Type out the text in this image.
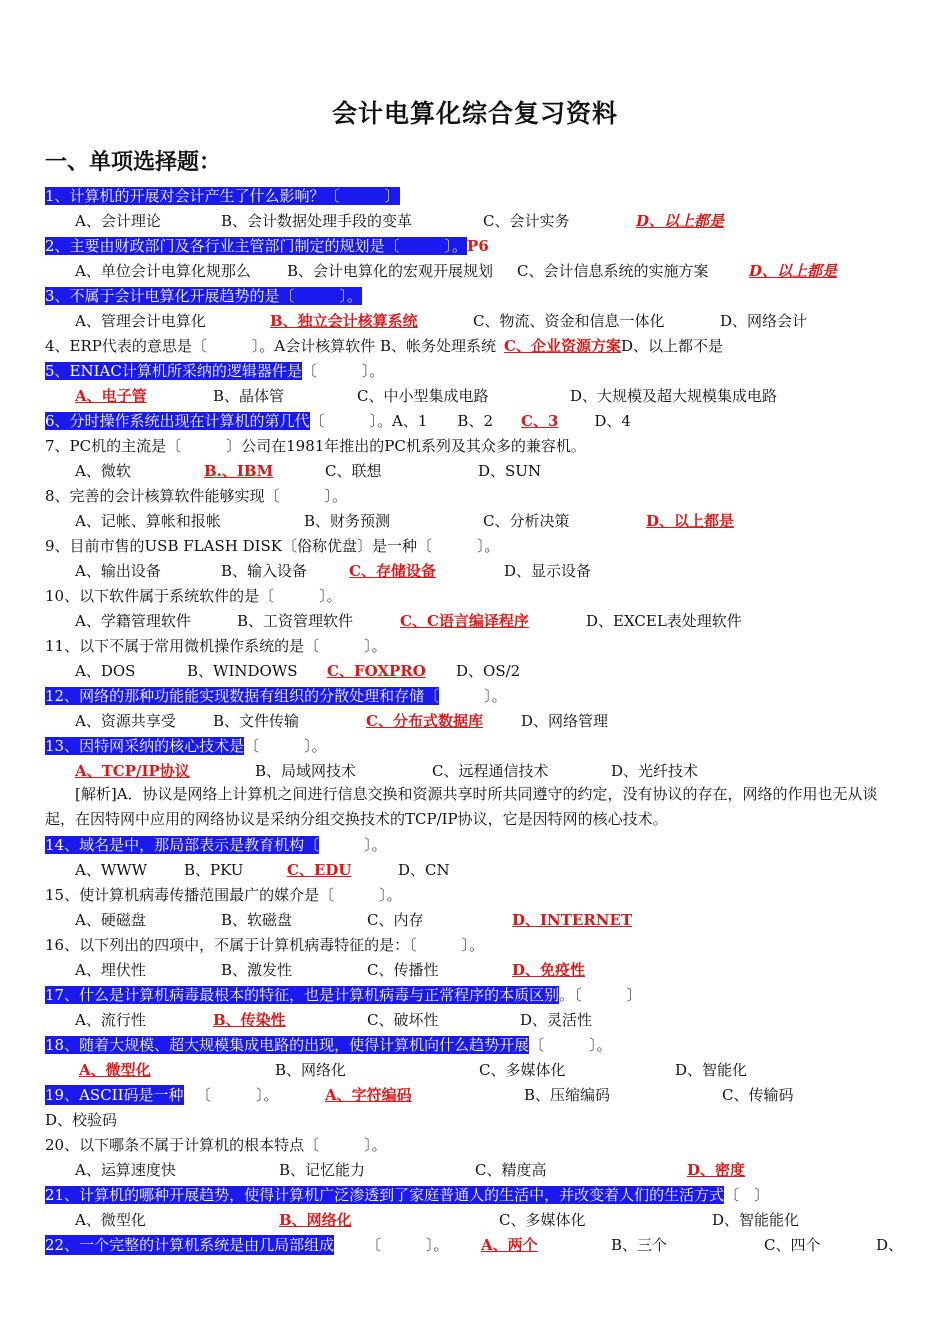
会计电算化综合复习资料
一、单项选择题：
1、计算机的开展对会计产生了什么影响？〔　　　〕
A、会计理论	B、会计数据处理手段的变革	C、会计实务	D、以上都是
2、主要由财政部门及各行业主管部门制定的规划是〔　　　〕。P6
A、单位会计电算化规那么 B、会计电算化的宏观开展规划 C、会计信息系统的实施方案	D、以上都是
3、不属于会计电算化开展趋势的是〔　　　〕。
A、管理会计电算化	B、独立会计核算系统	C、物流、资金和信息一体化	D、网络会计
4、ERP代表的意思是〔　　　〕。A会计核算软件 B、帐务处理系统 C、企业资源方案D、以上都不是
5、ENIAC计算机所采纳的逻辑器件是〔　　　〕。
A、电子管	B、晶体管	C、中小型集成电路	D、大规模及超大规模集成电路
6、分时操作系统出现在计算机的第几代〔　　　〕。A、1　　B、2 C、3 D、4
7、PC机的主流是〔　　　〕公司在1981年推出的PC机系列及其众多的兼容机。
A、微软	B.、IBM	C、联想	D、SUN
8、完善的会计核算软件能够实现〔　　　〕。
A、记帐、算帐和报帐	B、财务预测	C、分析决策	D、以上都是
9、目前市售的USB FLASH DISK〔俗称优盘〕是一种〔　　　〕。
A、输出设备	B、输入设备	C、存储设备	D、显示设备
10、以下软件属于系统软件的是〔　　　〕。
A、学籍管理软件	B、工资管理软件	C、C语言编译程序	D、EXCEL表处理软件
11、以下不属于常用微机操作系统的是〔　　　〕。
A、DOS	B、WINDOWS C、FOXPRO D、OS/2
12、网络的那种功能能实现数据有组织的分散处理和存储〔　　　〕。
A、资源共享受 B、文件传输	C、分布式数据库	D、网络管理
13、因特网采纳的核心技术是〔　　　〕。
A、TCP/IP协议	B、局域网技术	C、远程通信技术	D、光纤技术
[解析]A．协议是网络上计算机之间进行信息交换和资源共享时所共同遵守的约定，没有协议的存在，网络的作用也无从谈起，在因特网中应用的网络协议是采纳分组交换技术的TCP/IP协议，它是因特网的核心技术。
14、域名是中，那局部表示是教育机构〔　　　〕。
A、WWW B、PKU	C、EDU	D、CN
15、使计算机病毒传播范围最广的媒介是〔　　　〕。
A、硬磁盘	B、软磁盘	C、内存	D、INTERNET
16、以下列出的四项中，不属于计算机病毒特征的是：〔　　　〕。
A、埋伏性	B、激发性	C、传播性	D、免疫性
17、什么是计算机病毒最根本的特征，也是计算机病毒与正常程序的本质区别。〔　　　〕
A、流行性	B、传染性	C、破坏性	D、灵活性
18、随着大规模、超大规模集成电路的出现，使得计算机向什么趋势开展〔　　　〕。
A、微型化	B、网络化	C、多媒体化	D、智能化
19、ASCII码是一种 〔　　　〕。	A、字符编码	B、压缩编码	C、传输码
D、校验码
20、以下哪条不属于计算机的根本特点〔　　　〕。
A、运算速度快	B、记忆能力	C、精度高	D、密度
21、计算机的哪种开展趋势，使得计算机广泛渗透到了家庭普通人的生活中，并改变着人们的生活方式〔　〕
A、微型化	B、网络化	C、多媒体化	D、智能能化
22、一个完整的计算机系统是由几局部组成 〔　　　〕。 A、两个	B、三个	C、四个	D、
